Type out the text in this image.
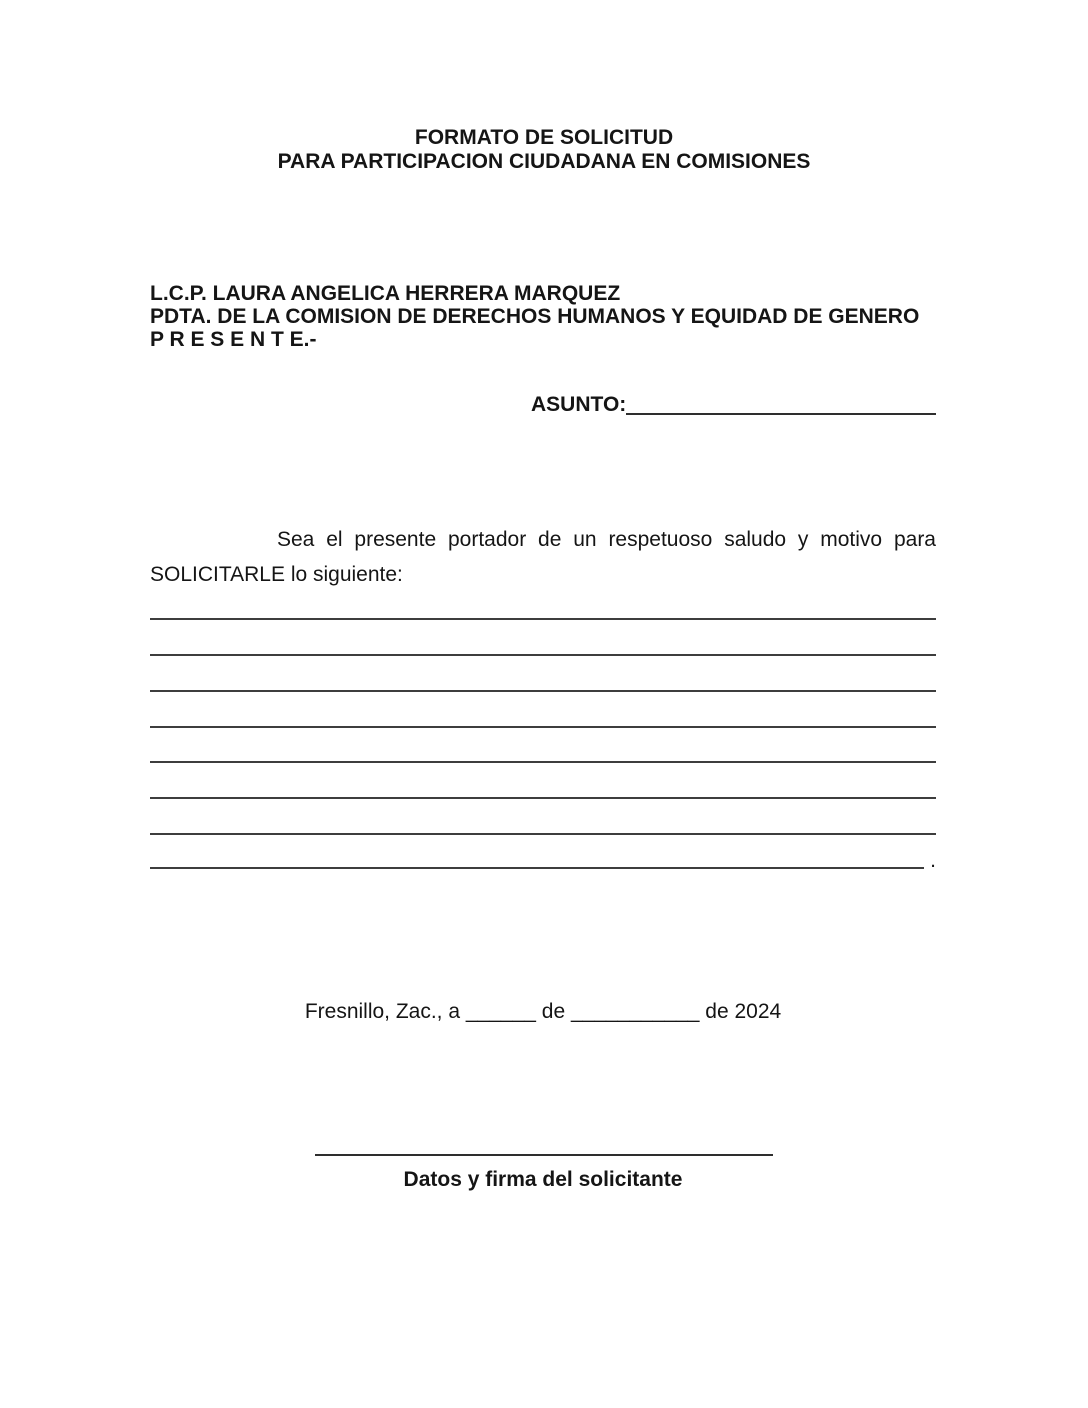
FORMATO DE SOLICITUD
PARA PARTICIPACION CIUDADANA EN COMISIONES
L.C.P. LAURA ANGELICA HERRERA MARQUEZ
PDTA. DE LA COMISION DE DERECHOS HUMANOS Y EQUIDAD DE GENERO
P R E S E N T E.-
ASUNTO:
Sea el presente portador de un respetuoso saludo y motivo para
SOLICITARLE lo siguiente:
.
Fresnillo, Zac., a ______ de ___________ de 2024
Datos y firma del solicitante
